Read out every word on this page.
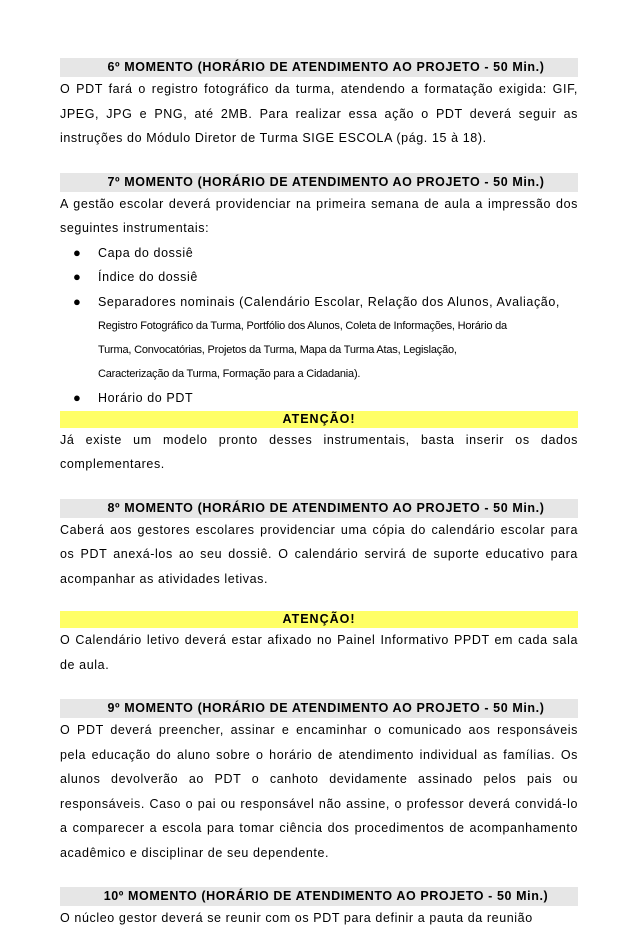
6º MOMENTO (HORÁRIO DE ATENDIMENTO AO PROJETO - 50 Min.)

O PDT fará o registro fotográfico da turma, atendendo a formatação exigida: GIF, JPEG, JPG e PNG, até 2MB. Para realizar essa ação o PDT deverá seguir as instruções do Módulo Diretor de Turma SIGE ESCOLA (pág. 15 à 18).

7º MOMENTO (HORÁRIO DE ATENDIMENTO AO PROJETO - 50 Min.)

A gestão escolar deverá providenciar na primeira semana de aula a impressão dos seguintes instrumentais:

● Capa do dossiê
● Índice do dossiê
● Separadores nominais (Calendário Escolar, Relação dos Alunos, Avaliação,
Registro Fotográfico da Turma, Portfólio dos Alunos, Coleta de Informações, Horário da
Turma, Convocatórias, Projetos da Turma, Mapa da Turma Atas, Legislação,
Caracterização da Turma, Formação para a Cidadania).
● Horário do PDT
ATENÇÃO!

Já existe um modelo pronto desses instrumentais, basta inserir os dados complementares.

8º MOMENTO (HORÁRIO DE ATENDIMENTO AO PROJETO - 50 Min.)

Caberá aos gestores escolares providenciar uma cópia do calendário escolar para os PDT anexá-los ao seu dossiê. O calendário servirá de suporte educativo para acompanhar as atividades letivas.

ATENÇÃO!

O Calendário letivo deverá estar afixado no Painel Informativo PPDT em cada sala de aula.

9º MOMENTO (HORÁRIO DE ATENDIMENTO AO PROJETO - 50 Min.)

O PDT deverá preencher, assinar e encaminhar o comunicado aos responsáveis pela educação do aluno sobre o horário de atendimento individual as famílias. Os alunos devolverão ao PDT o canhoto devidamente assinado pelos pais ou responsáveis. Caso o pai ou responsável não assine, o professor deverá convidá-lo a comparecer a escola para tomar ciência dos procedimentos de acompanhamento acadêmico e disciplinar de seu dependente.

10º MOMENTO (HORÁRIO DE ATENDIMENTO AO PROJETO - 50 Min.)

O núcleo gestor deverá se reunir com os PDT para definir a pauta da reunião
